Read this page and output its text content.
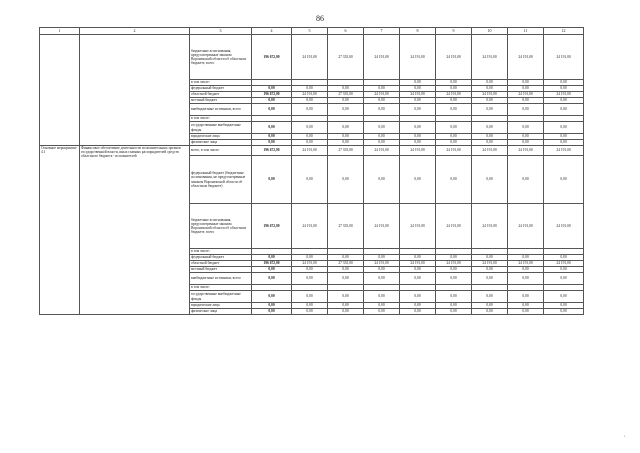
86
1	2	3	4	5	6	7	8	9	10	11	12
		бюджетные ассигнования, предусмотренные законом Воронежской области об областном бюджете, всего	196 672,00	24 191,00	27 335,00	24 191,00	24 191,00	24 191,00	24 191,00	24 191,00	24 191,00
		в том числе:					0,00	0,00	0,00	0,00	0,00
		федеральный бюджет	0,00	0,00	0,00	0,00	0,00	0,00	0,00	0,00	0,00
		областной бюджет	196 672,00	24 191,00	27 335,00	24 191,00	24 191,00	24 191,00	24 191,00	24 191,00	24 191,00
		местный бюджет	0,00	0,00	0,00	0,00	0,00	0,00	0,00	0,00	0,00
		внебюджетные источники, всего	0,00	0,00	0,00	0,00	0,00	0,00	0,00	0,00	0,00
		в том числе:									
		государственные внебюджетные фонды	0,00	0,00	0,00	0,00	0,00	0,00	0,00	0,00	0,00
		юридические лица	0,00	0,00	0,00	0,00	0,00	0,00	0,00	0,00	0,00
		физические лица	0,00	0,00	0,00	0,00	0,00	0,00	0,00	0,00	0,00
Основное мероприятие 4.1	Финансовое обеспечение деятельности исполнительных органов государственной власти, иных главных распорядителей средств областного бюджета - исполнителей	всего, в том числе:	196 672,00	24 191,00	27 335,00	24 191,00	24 191,00	24 191,00	24 191,00	24 191,00	24 191,00
		федеральный бюджет (бюджетные ассигнования, не предусмотренные законом Воронежской области об областном бюджете)	0,00	0,00	0,00	0,00	0,00	0,00	0,00	0,00	0,00
		бюджетные ассигнования, предусмотренные законом Воронежской области об областном бюджете, всего	196 672,00	24 191,00	27 335,00	24 191,00	24 191,00	24 191,00	24 191,00	24 191,00	24 191,00
		в том числе:									
		федеральный бюджет	0,00	0,00	0,00	0,00	0,00	0,00	0,00	0,00	0,00
		областной бюджет	196 672,00	24 191,00	27 335,00	24 191,00	24 191,00	24 191,00	24 191,00	24 191,00	24 191,00
		местный бюджет	0,00	0,00	0,00	0,00	0,00	0,00	0,00	0,00	0,00
		внебюджетные источники, всего	0,00	0,00	0,00	0,00	0,00	0,00	0,00	0,00	0,00
		в том числе:									
		государственные внебюджетные фонды	0,00	0,00	0,00	0,00	0,00	0,00	0,00	0,00	0,00
		юридические лица	0,00	0,00	0,00	0,00	0,00	0,00	0,00	0,00	0,00
		физические лица	0,00	0,00	0,00	0,00	0,00	0,00	0,00	0,00	0,00
ᵃ
